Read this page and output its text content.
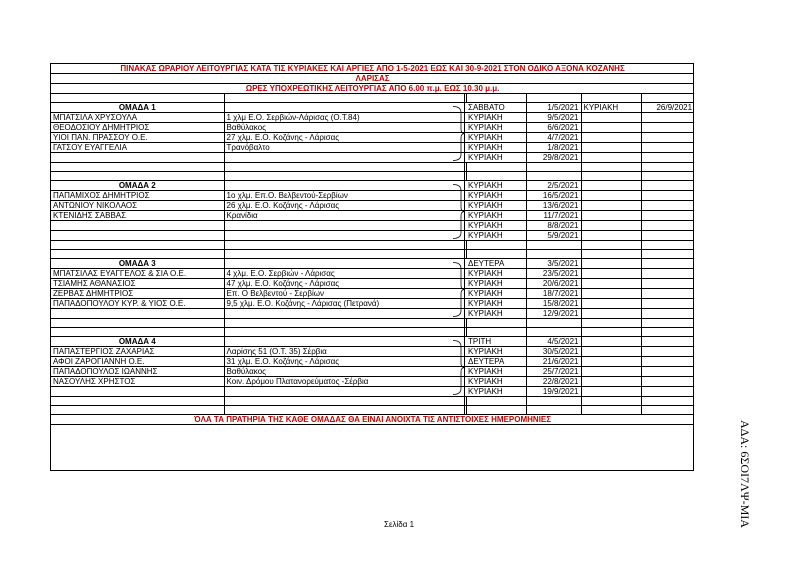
ΠΙΝΑΚΑΣ ΩΡΑΡΙΟΥ ΛΕΙΤΟΥΡΓΙΑΣ ΚΑΤΑ ΤΙΣ ΚΥΡΙΑΚΕΣ ΚΑΙ ΑΡΓΙΕΣ ΑΠΟ 1-5-2021 ΕΩΣ ΚΑΙ 30-9-2021 ΣΤΟΝ ΟΔΙΚΟ ΑΞΟΝΑ ΚΟΖΑΝΗΣ						
ΛΑΡΙΣΑΣ						
ΩΡΕΣ ΥΠΟΧΡΕΩΤΙΚΗΣ ΛΕΙΤΟΥΡΓΙΑΣ ΑΠΟ 6.00 π.μ. ΕΩΣ 10.30 μ.μ.						

ΟΜΑΔΑ 1			ΣΑΒΒΑΤΟ	1/5/2021	ΚΥΡΙΑΚΗ	26/9/2021
ΜΠΑΤΣΙΛΑ ΧΡΥΣΟΥΛΑ	1 χλμ Ε.Ο. Σερβιών-Λάρισας (Ο.Τ.84)		ΚΥΡΙΑΚΗ	9/5/2021		
ΘΕΟΔΟΣΙΟΥ ΔΗΜΗΤΡΙΟΣ	Βαθύλακος		ΚΥΡΙΑΚΗ	6/6/2021		
ΥΙΟΙ ΠΑΝ. ΠΡΑΣΣΟΥ Ο.Ε.	27 χλμ. Ε.Ο. Κοζάνης - Λάρισας		ΚΥΡΙΑΚΗ	4/7/2021		
ΓΑΤΣΟΥ ΕΥΑΓΓΕΛΙΑ	Τρανόβαλτο		ΚΥΡΙΑΚΗ	1/8/2021		
			ΚΥΡΙΑΚΗ	29/8/2021		

ΟΜΑΔΑ 2			ΚΥΡΙΑΚΗ	2/5/2021		
ΠΑΠΑΜΙΧΟΣ ΔΗΜΗΤΡΙΟΣ	1ο χλμ. Επ.Ο. Βελβεντού-Σερβίων		ΚΥΡΙΑΚΗ	16/5/2021		
ΑΝΤΩΝΙΟΥ ΝΙΚΟΛΑΟΣ	26 χλμ. Ε.Ο. Κοζάνης - Λάρισας		ΚΥΡΙΑΚΗ	13/6/2021		
ΚΤΕΝΙΔΗΣ ΣΑΒΒΑΣ	Κρανίδια		ΚΥΡΙΑΚΗ	11/7/2021		
			ΚΥΡΙΑΚΗ	8/8/2021		
			ΚΥΡΙΑΚΗ	5/9/2021		

ΟΜΑΔΑ 3			ΔΕΥΤΕΡΑ	3/5/2021		
ΜΠΑΤΣΙΛΑΣ ΕΥΑΓΓΕΛΟΣ & ΣΙΑ Ο.Ε.	4 χλμ. Ε.Ο. Σερβιών - Λάρισας		ΚΥΡΙΑΚΗ	23/5/2021		
ΤΣΙΑΜΗΣ ΑΘΑΝΑΣΙΟΣ	47 χλμ. Ε.Ο. Κοζάνης - Λάρισας		ΚΥΡΙΑΚΗ	20/6/2021		
ΖΕΡΒΑΣ ΔΗΜΗΤΡΙΟΣ	Επ. Ο Βελβεντού - Σερβίων		ΚΥΡΙΑΚΗ	18/7/2021		
ΠΑΠΑΔΟΠΟΥΛΟΥ ΚΥΡ. & ΥΙΟΣ Ο.Ε.	9,5 χλμ. Ε.Ο. Κοζάνης - Λάρισας (Πετρανά)		ΚΥΡΙΑΚΗ	15/8/2021		
			ΚΥΡΙΑΚΗ	12/9/2021		

ΟΜΑΔΑ 4			ΤΡΙΤΗ	4/5/2021		
ΠΑΠΑΣΤΕΡΓΙΟΣ ΖΑΧΑΡΙΑΣ	Λαρίσης 51 (Ο.Τ. 35) Σέρβια		ΚΥΡΙΑΚΗ	30/5/2021		
ΑΦΟΙ ΖΑΡΟΓΙΑΝΝΗ Ο.Ε.	31 χλμ. Ε.Ο. Κοζάνης - Λάρισας		ΔΕΥΤΕΡΑ	21/6/2021		
ΠΑΠΑΔΟΠΟΥΛΟΣ ΙΩΑΝΝΗΣ	Βαθύλακος		ΚΥΡΙΑΚΗ	25/7/2021		
ΝΑΣΟΥΛΗΣ ΧΡΗΣΤΟΣ	Κοιν. Δρόμου Πλατανορεύματος -Σέρβια		ΚΥΡΙΑΚΗ	22/8/2021		
			ΚΥΡΙΑΚΗ	19/9/2021		

ΌΛΑ ΤΑ ΠΡΑΤΗΡΙΑ ΤΗΣ ΚΑΘΕ ΟΜΑΔΑΣ ΘΑ ΕΙΝΑΙ ΑΝΟΙΧΤΑ ΤΙΣ ΑΝΤΙΣΤΟΙΧΕΣ ΗΜΕΡΟΜΗΝΙΕΣ						
Σελίδα 1	ΑΔΑ: 6ΣΟΙ7ΛΨ-ΜΙΑ
